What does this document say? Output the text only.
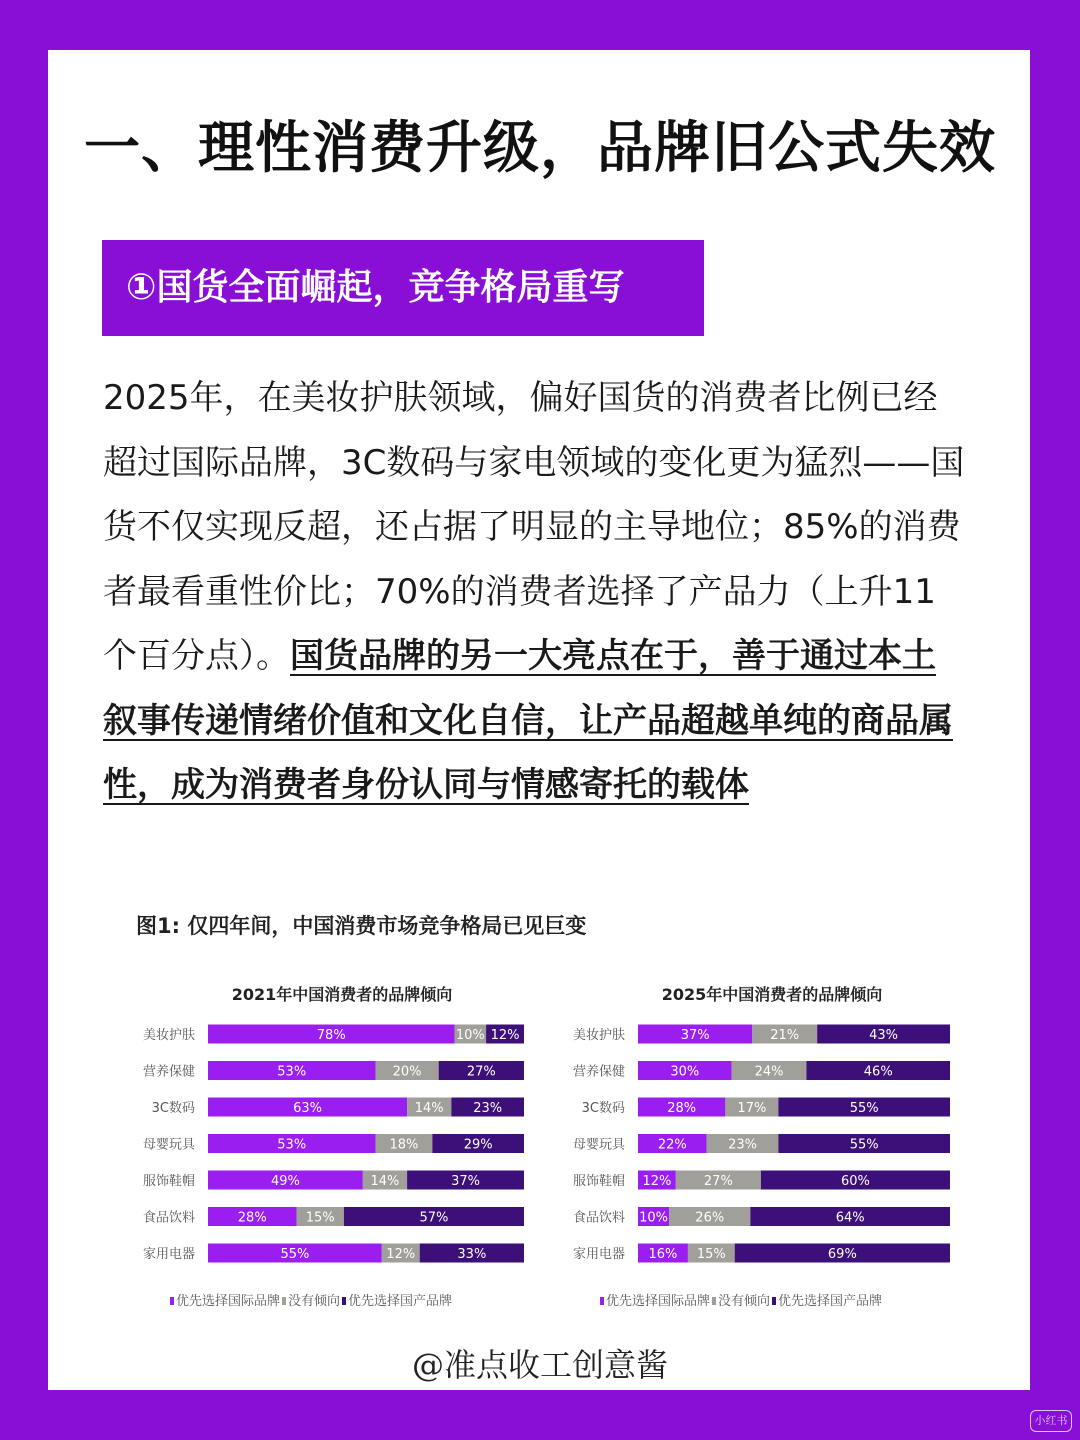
一、理性消费升级，品牌旧公式失效
①国货全面崛起，竞争格局重写
2025年，在美妆护肤领域，偏好国货的消费者比例已经超过国际品牌，3C数码与家电领域的变化更为猛烈——国货不仅实现反超，还占据了明显的主导地位；85%的消费者最看重性价比；70%的消费者选择了产品力（上升11个百分点）。国货品牌的另一大亮点在于，善于通过本土叙事传递情绪价值和文化自信，让产品超越单纯的商品属性，成为消费者身份认同与情感寄托的载体
图1: 仅四年间，中国消费市场竞争格局已见巨变
2021年中国消费者的品牌倾向
美妆护肤	78%	10% 12%
营养保健	53%	20%	27%
3C数码	63%	14% 23%
母婴玩具	53%	18%	29%
服饰鞋帽	49%	14%	37%
食品饮料	28%	15%	57%
家用电器	55%	12%	33%
优先选择国际品牌 没有倾向 优先选择国产品牌
2025年中国消费者的品牌倾向
美妆护肤	37%	21%	43%
营养保健	30%	24%	46%
3C数码	28%	17%	55%
母婴玩具	22%	23%	55%
服饰鞋帽 12%	27%	60%
食品饮料 10% 26%	64%
家用电器 16% 15%	69%
优先选择国际品牌 没有倾向 优先选择国产品牌
@准点收工创意酱
小红书
